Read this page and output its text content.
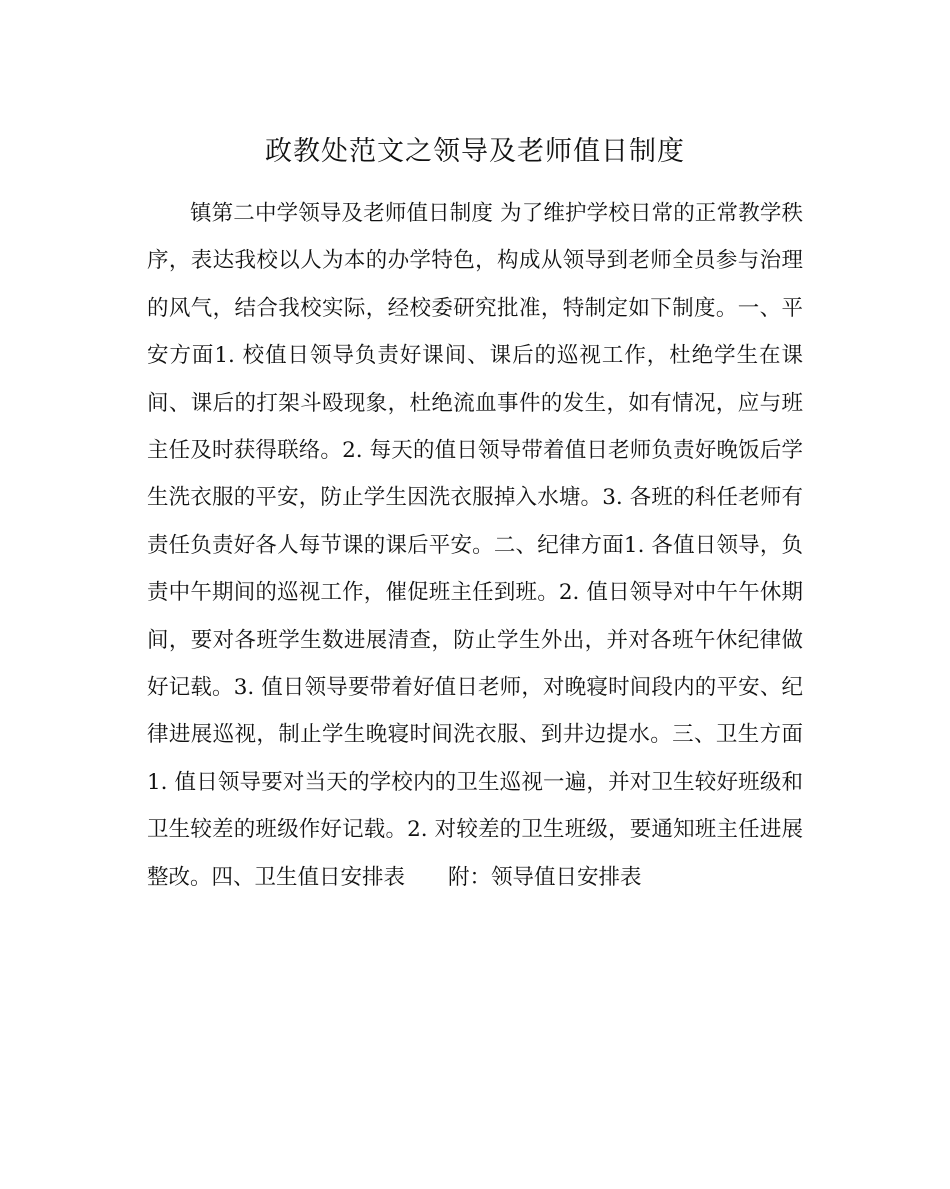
政教处范文之领导及老师值日制度

镇第二中学领导及老师值日制度 为了维护学校日常的正常教学秩序，表达我校以人为本的办学特色，构成从领导到老师全员参与治理的风气，结合我校实际，经校委研究批准，特制定如下制度。一、平安方面1. 校值日领导负责好课间、课后的巡视工作，杜绝学生在课间、课后的打架斗殴现象，杜绝流血事件的发生，如有情况，应与班主任及时获得联络。2. 每天的值日领导带着值日老师负责好晚饭后学生洗衣服的平安，防止学生因洗衣服掉入水塘。3. 各班的科任老师有责任负责好各人每节课的课后平安。二、纪律方面1. 各值日领导，负责中午期间的巡视工作，催促班主任到班。2. 值日领导对中午午休期间，要对各班学生数进展清查，防止学生外出，并对各班午休纪律做好记载。3. 值日领导要带着好值日老师，对晚寝时间段内的平安、纪律进展巡视，制止学生晚寝时间洗衣服、到井边提水。三、卫生方面1. 值日领导要对当天的学校内的卫生巡视一遍，并对卫生较好班级和卫生较差的班级作好记载。2. 对较差的卫生班级，要通知班主任进展整改。四、卫生值日安排表　　附：领导值日安排表
